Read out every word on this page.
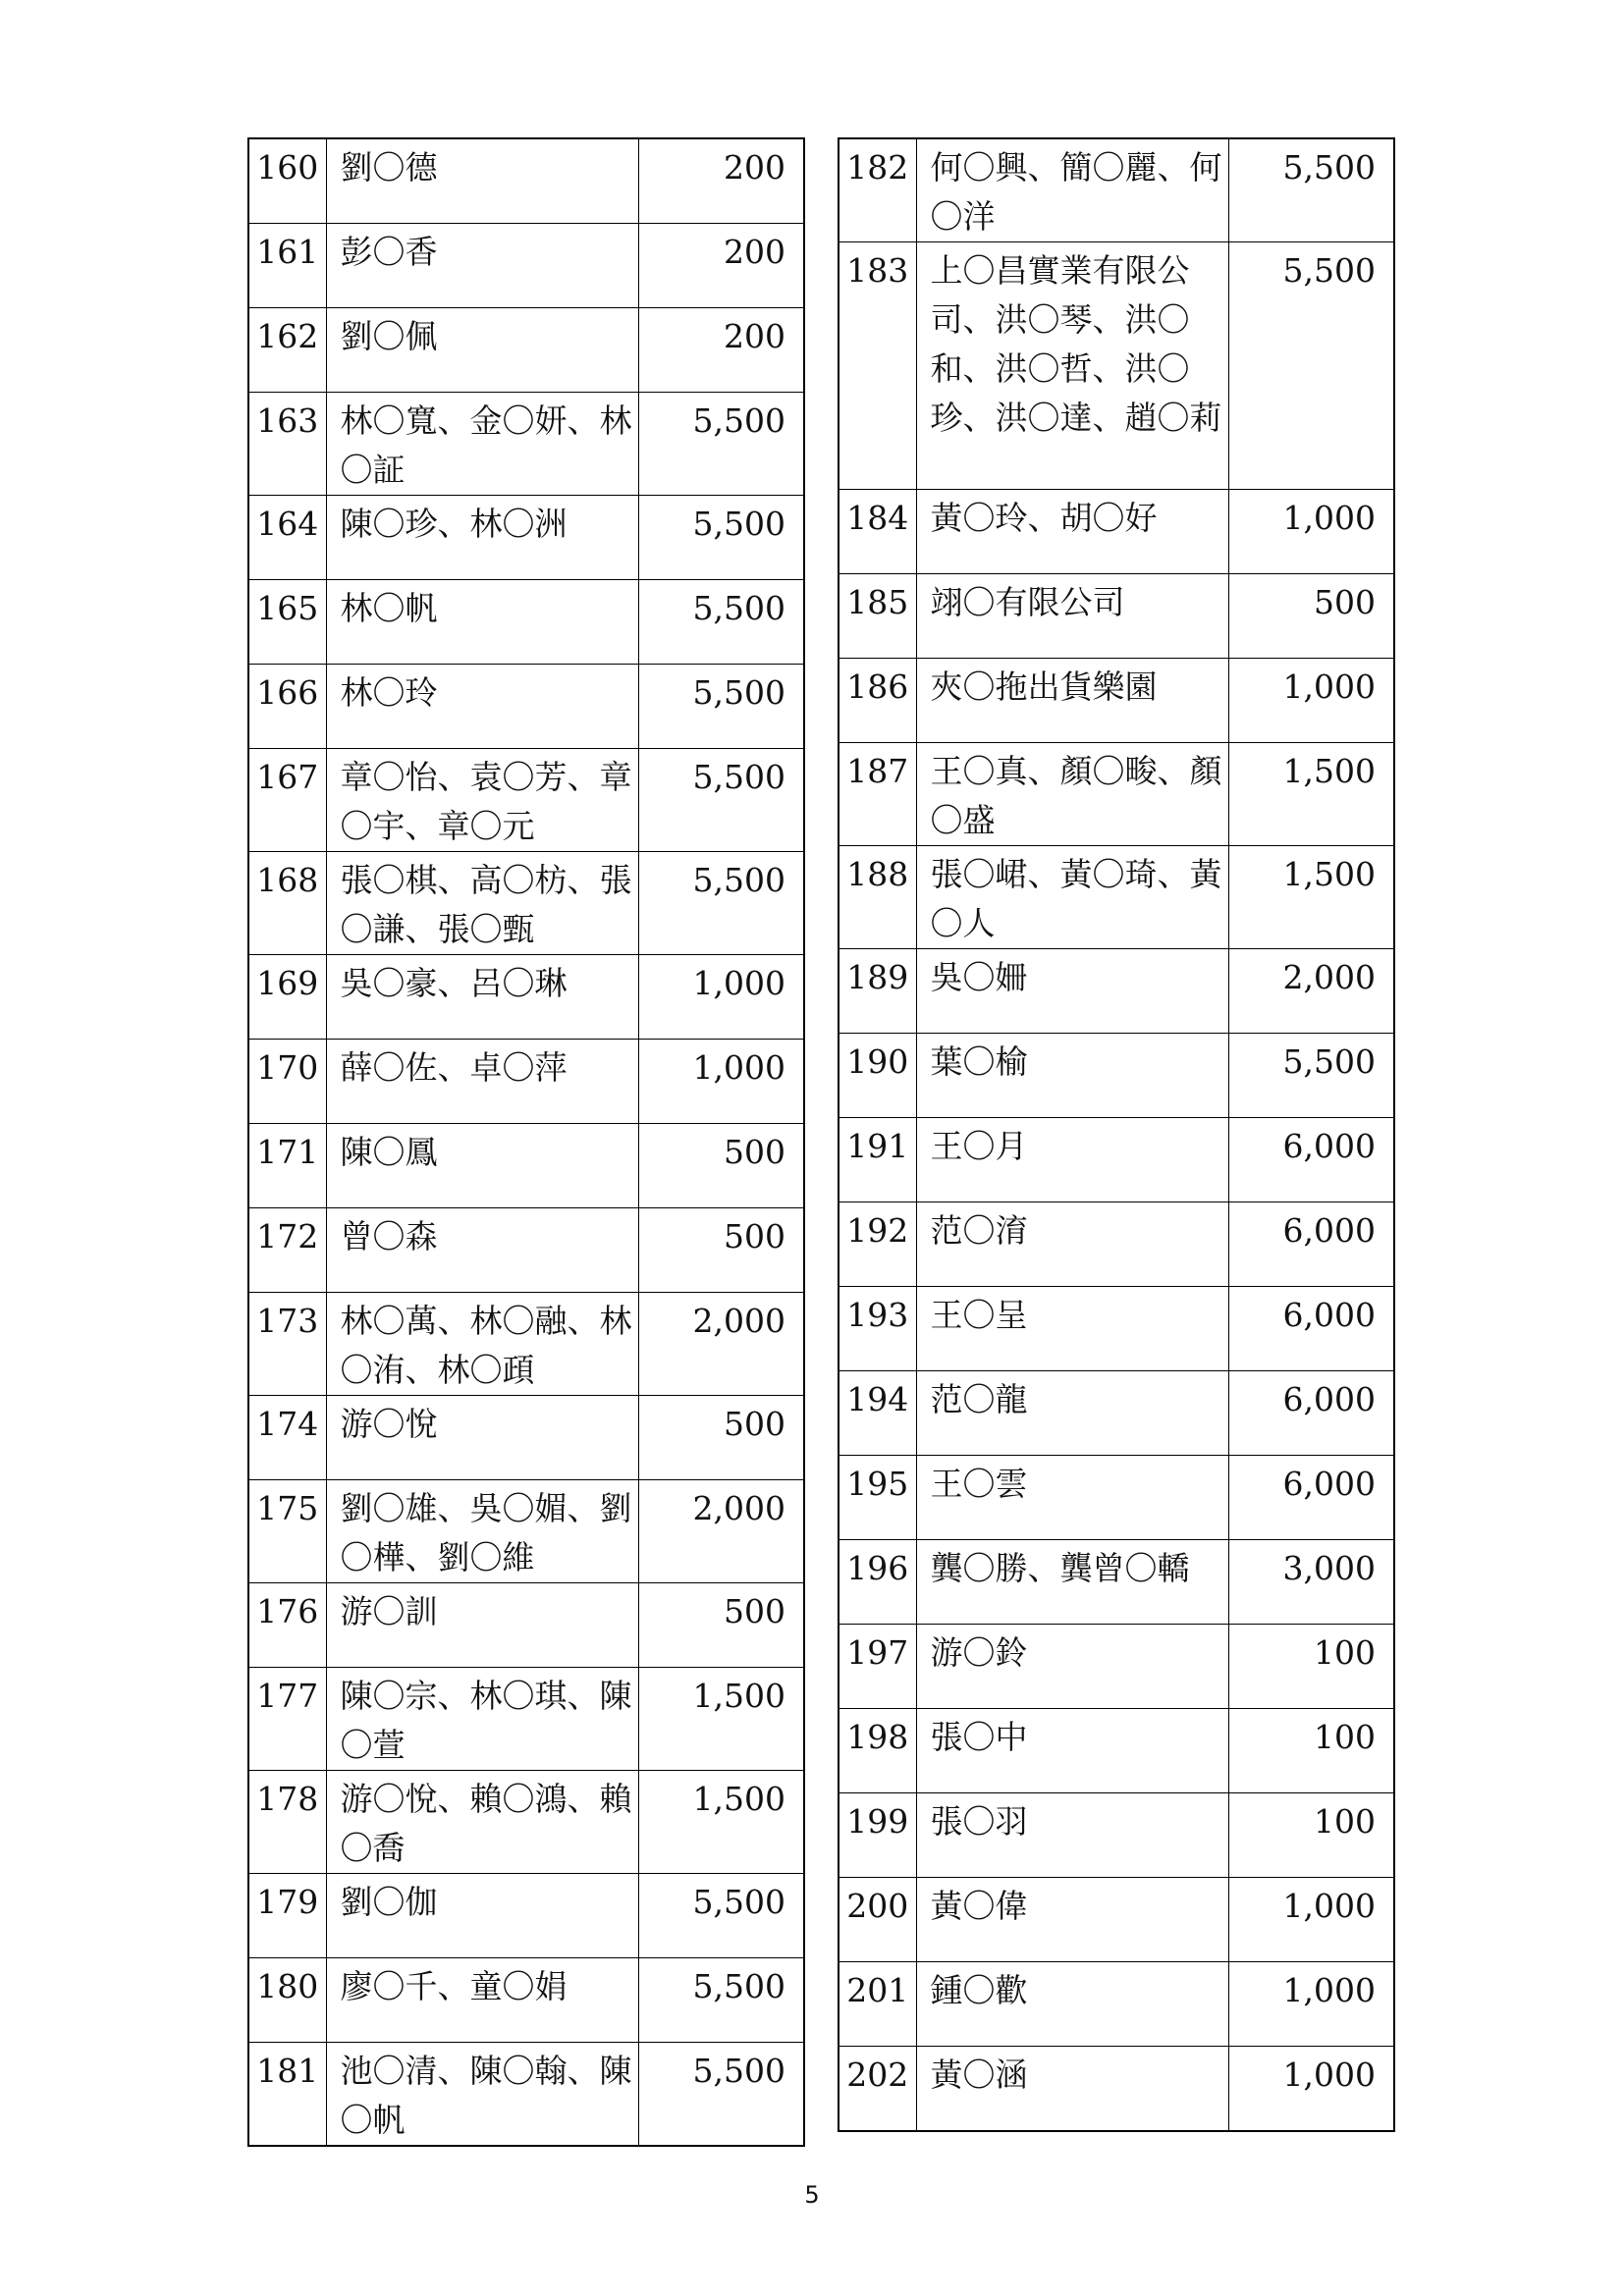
160	劉〇德	200
161	彭〇香	200
162	劉〇佩	200
163	林〇寬、金〇妍、林〇証	5,500
164	陳〇珍、林〇洲	5,500
165	林〇帆	5,500
166	林〇玲	5,500
167	章〇怡、袁〇芳、章〇宇、章〇元	5,500
168	張〇棋、高〇枋、張〇謙、張〇甄	5,500
169	吳〇豪、呂〇琳	1,000
170	薛〇佐、卓〇萍	1,000
171	陳〇鳳	500
172	曾〇森	500
173	林〇萬、林〇融、林〇洧、林〇頙	2,000
174	游〇悅	500
175	劉〇雄、吳〇媚、劉〇樺、劉〇維	2,000
176	游〇訓	500
177	陳〇宗、林〇琪、陳〇萱	1,500
178	游〇悅、賴〇鴻、賴〇喬	1,500
179	劉〇伽	5,500
180	廖〇千、童〇娟	5,500
181	池〇清、陳〇翰、陳〇帆	5,500
182	何〇興、簡〇麗、何〇洋	5,500
183	上〇昌實業有限公司、洪〇琴、洪〇和、洪〇哲、洪〇珍、洪〇達、趙〇莉	5,500
184	黃〇玲、胡〇好	1,000
185	翊〇有限公司	500
186	夾〇拖出貨樂園	1,000
187	王〇真、顏〇畯、顏〇盛	1,500
188	張〇峮、黃〇琦、黃〇人	1,500
189	吳〇姍	2,000
190	葉〇榆	5,500
191	王〇月	6,000
192	范〇淯	6,000
193	王〇呈	6,000
194	范〇龍	6,000
195	王〇雲	6,000
196	龔〇勝、龔曾〇轎	3,000
197	游〇鈴	100
198	張〇中	100
199	張〇羽	100
200	黃〇偉	1,000
201	鍾〇歡	1,000
202	黃〇涵	1,000
5
